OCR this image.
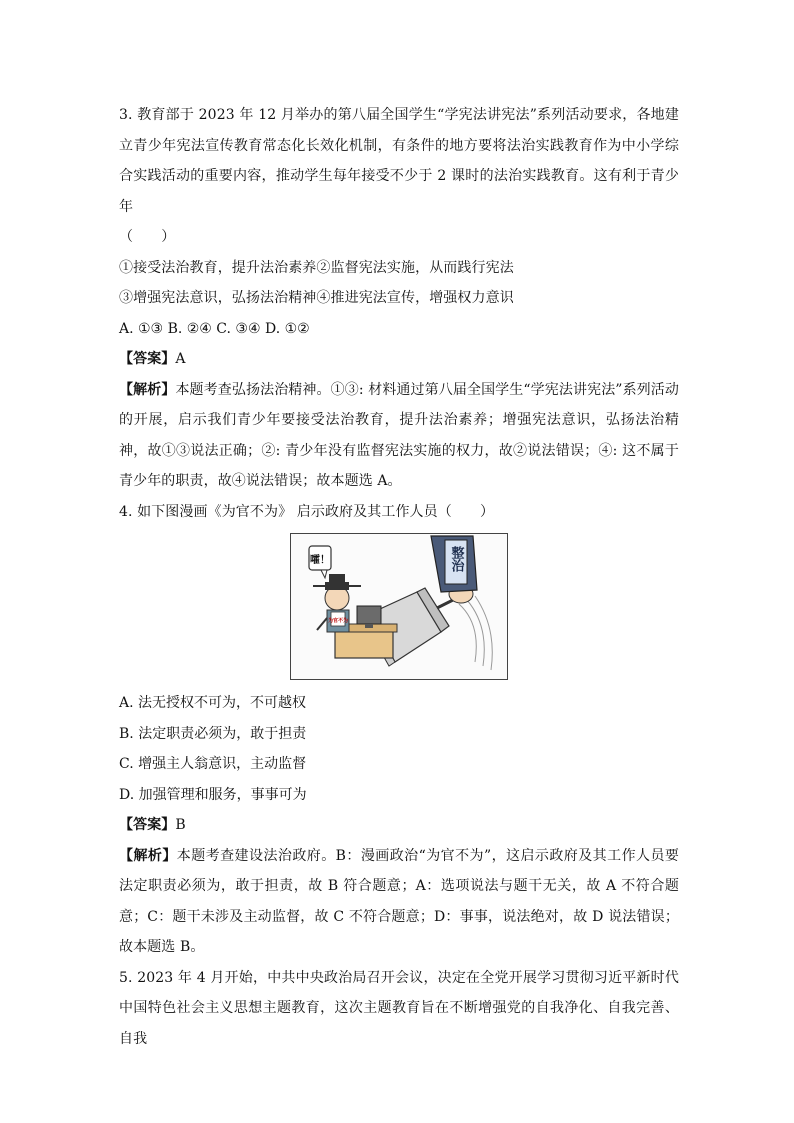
3. 教育部于 2023 年 12 月举办的第八届全国学生“学宪法讲宪法”系列活动要求，各地建立青少年宪法宣传教育常态化长效化机制，有条件的地方要将法治实践教育作为中小学综合实践活动的重要内容，推动学生每年接受不少于 2 课时的法治实践教育。这有利于青少年

（　　）

①接受法治教育，提升法治素养②监督宪法实施，从而践行宪法

③增强宪法意识，弘扬法治精神④推进宪法宣传，增强权力意识

A. ①③ B. ②④ C. ③④ D. ①②

【答案】A

【解析】本题考查弘扬法治精神。①③: 材料通过第八届全国学生“学宪法讲宪法”系列活动的开展，启示我们青少年要接受法治教育，提升法治素养；增强宪法意识，弘扬法治精神，故①③说法正确；②: 青少年没有监督宪法实施的权力，故②说法错误；④: 这不属于青少年的职责，故④说法错误；故本题选 A。

4. 如下图漫画《为官不为》 启示政府及其工作人员（　　）

整治
为官不为
嚯！

A. 法无授权不可为，不可越权

B. 法定职责必须为，敢于担责

C. 增强主人翁意识，主动监督

D. 加强管理和服务，事事可为

【答案】B

【解析】本题考查建设法治政府。B：漫画政治“为官不为”，这启示政府及其工作人员要法定职责必须为，敢于担责，故 B 符合题意；A：选项说法与题干无关，故 A 不符合题意；C：题干未涉及主动监督，故 C 不符合题意；D：事事，说法绝对，故 D 说法错误；故本题选 B。

5. 2023 年 4 月开始，中共中央政治局召开会议，决定在全党开展学习贯彻习近平新时代中国特色社会主义思想主题教育，这次主题教育旨在不断增强党的自我净化、自我完善、自我
